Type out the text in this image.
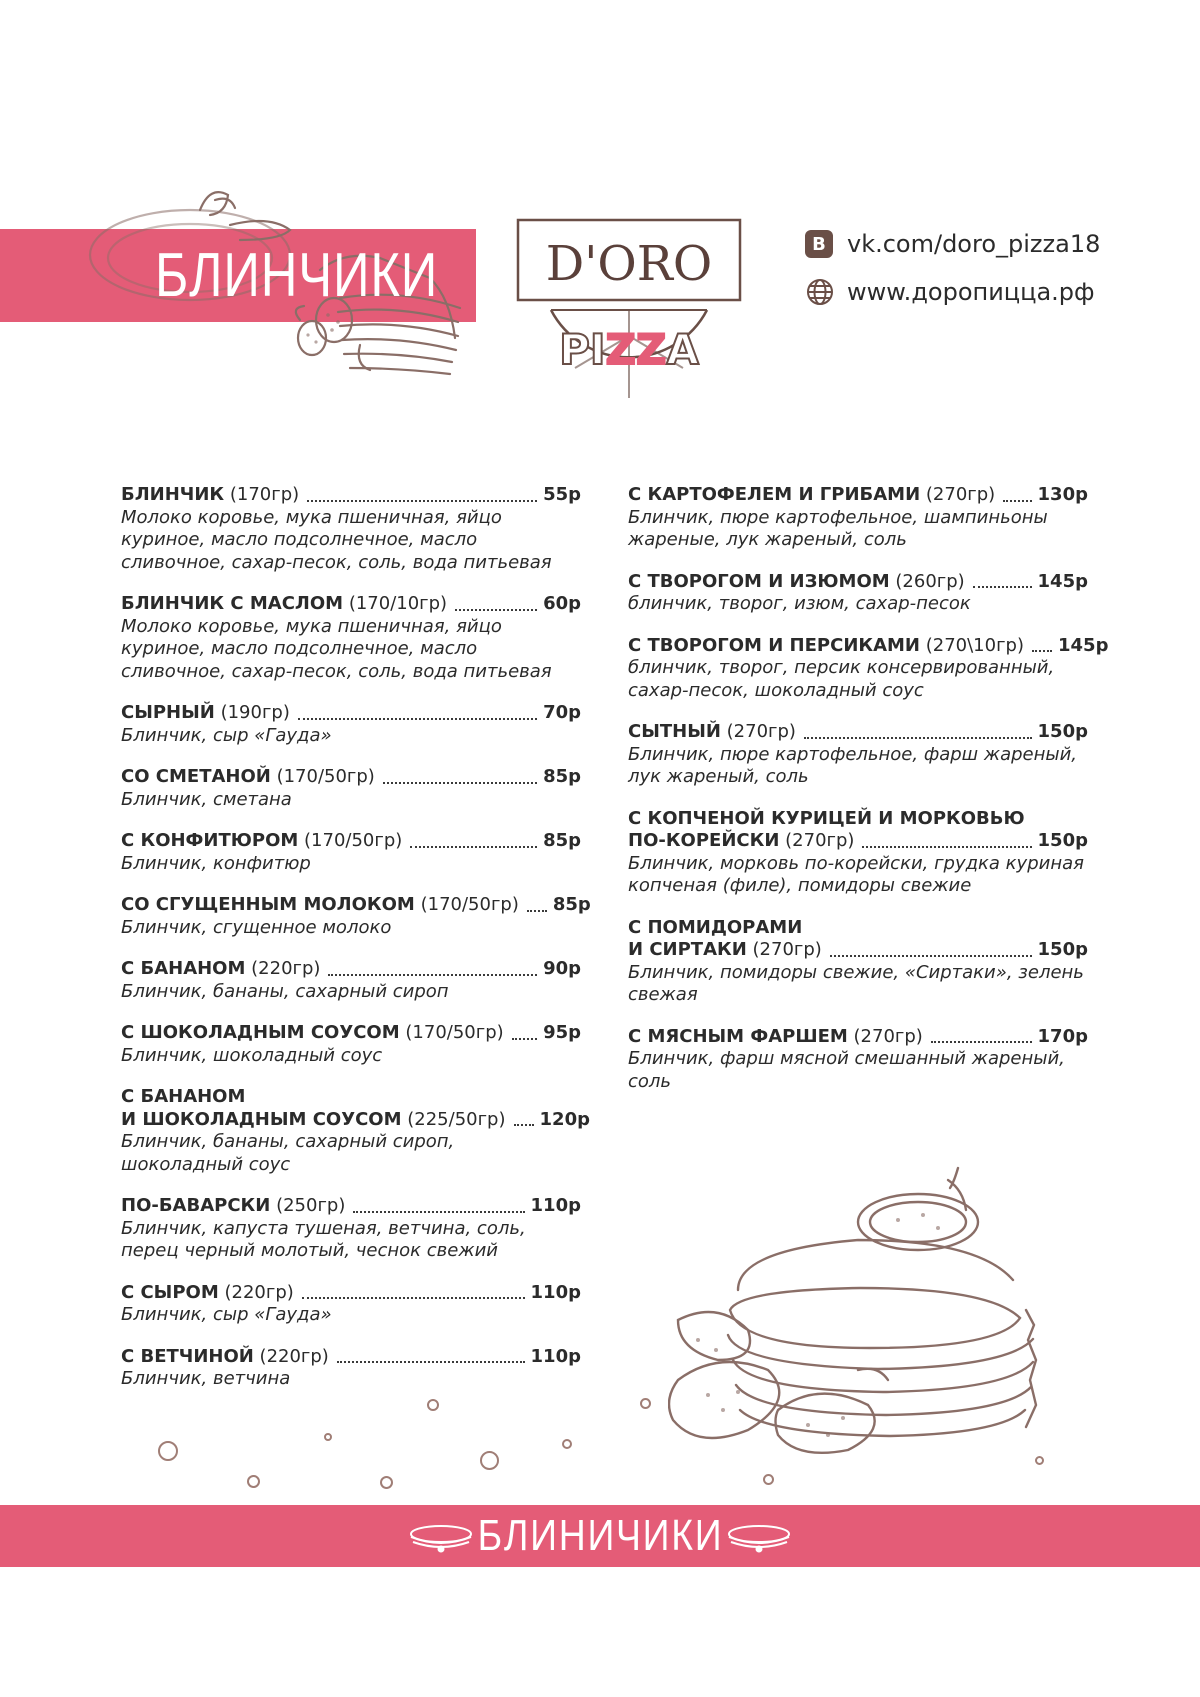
БЛИНЧИКИ D'ORO
PIZZA
В vk.com/doro_pizza18
www.доропицца.рф
БЛИНЧИК (170гр)	55р
Молоко коровье, мука пшеничная, яйцо куриное, масло подсолнечное, масло сливочное, сахар-песок, соль, вода питьевая
БЛИНЧИК С МАСЛОМ (170/10гр)	60р
Молоко коровье, мука пшеничная, яйцо куриное, масло подсолнечное, масло сливочное, сахар-песок, соль, вода питьевая
СЫРНЫЙ (190гр)	70р
Блинчик, сыр «Гауда»
СО СМЕТАНОЙ (170/50гр)	85р
Блинчик, сметана
С КОНФИТЮРОМ (170/50гр)	85р
Блинчик, конфитюр
СО СГУЩЕННЫМ МОЛОКОМ (170/50гр) 85р
Блинчик, сгущенное молоко
С БАНАНОМ (220гр)	90р
Блинчик, бананы, сахарный сироп
С ШОКОЛАДНЫМ СОУСОМ (170/50гр) 95р
Блинчик, шоколадный соус
С БАНАНОМ
И ШОКОЛАДНЫМ СОУСОМ (225/50гр) 120р
Блинчик, бананы, сахарный сироп, шоколадный соус
ПО-БАВАРСКИ (250гр)	110р
Блинчик, капуста тушеная, ветчина, соль, перец черный молотый, чеснок свежий
С СЫРОМ (220гр)	110р
Блинчик, сыр «Гауда»
С ВЕТЧИНОЙ (220гр)	110р
Блинчик, ветчина
С КАРТОФЕЛЕМ И ГРИБАМИ (270гр) 130р
Блинчик, пюре картофельное, шампиньоны жареные, лук жареный, соль
С ТВОРОГОМ И ИЗЮМОМ (260гр)	145р
блинчик, творог, изюм, сахар-песок
С ТВОРОГОМ И ПЕРСИКАМИ (270\10гр) 145р
блинчик, творог, персик консервированный, сахар-песок, шоколадный соус
СЫТНЫЙ (270гр)	150р
Блинчик, пюре картофельное, фарш жареный, лук жареный, соль
С КОПЧЕНОЙ КУРИЦЕЙ И МОРКОВЬЮ
ПО-КОРЕЙСКИ (270гр)	150р
Блинчик, морковь по-корейски, грудка куриная копченая (филе), помидоры свежие
С ПОМИДОРАМИ
И СИРТАКИ (270гр)	150р
Блинчик, помидоры свежие, «Сиртаки», зелень свежая
С МЯСНЫМ ФАРШЕМ (270гр)	170р
Блинчик, фарш мясной смешанный жареный, соль
БЛИНИЧИКИ
